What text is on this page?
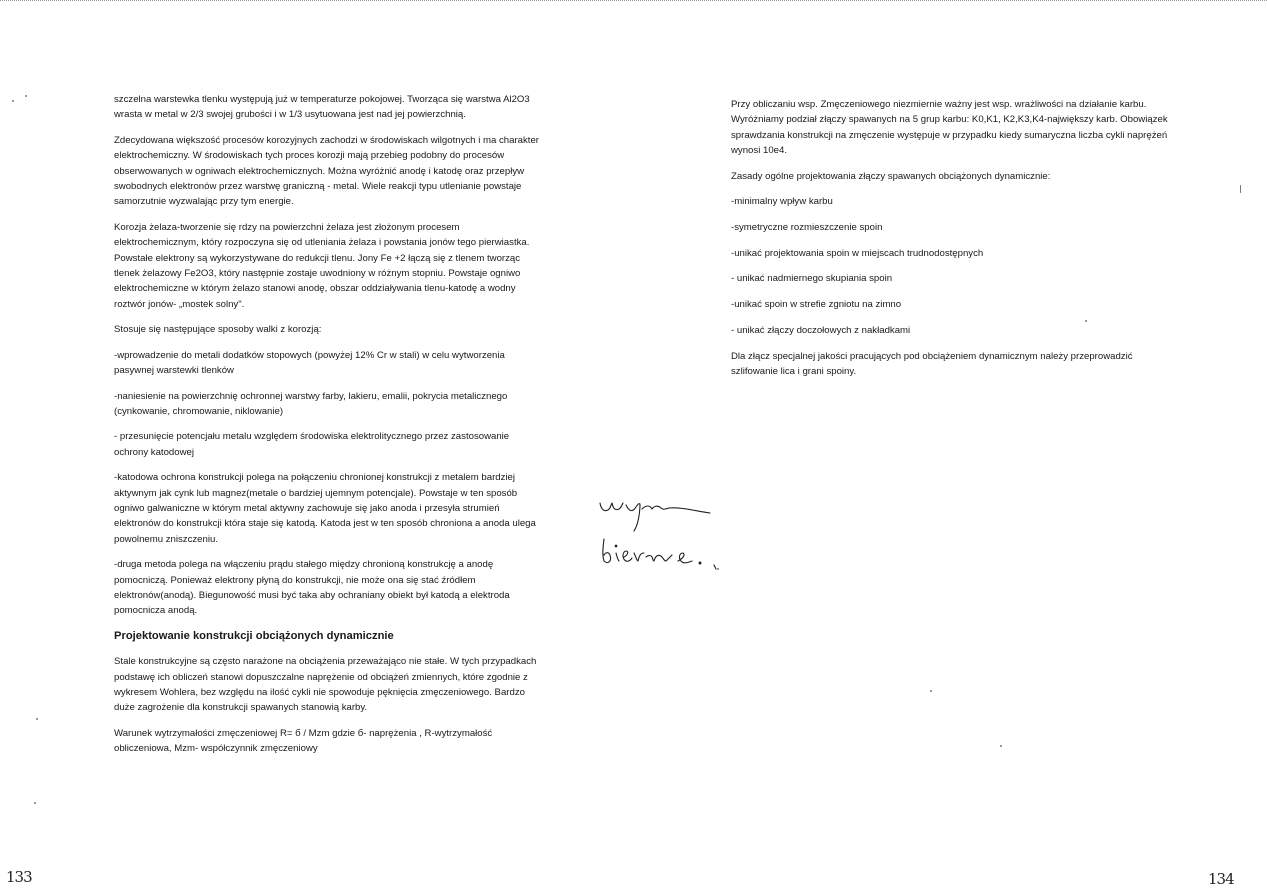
szczelna warstewka tlenku występują już w temperaturze pokojowej. Tworząca się warstwa Al2O3 wrasta w metal w 2/3 swojej grubości i w 1/3 usytuowana jest nad jej powierzchnią.

Zdecydowana większość procesów korozyjnych zachodzi w środowiskach wilgotnych i ma charakter elektrochemiczny. W środowiskach tych proces korozji mają przebieg podobny do procesów obserwowanych w ogniwach elektrochemicznych. Można wyróżnić anodę i katodę oraz przepływ swobodnych elektronów przez warstwę graniczną - metal. Wiele reakcji typu utlenianie powstaje samorzutnie wyzwalając przy tym energie.

Korozja żelaza-tworzenie się rdzy na powierzchni żelaza jest złożonym procesem elektrochemicznym, który rozpoczyna się od utleniania żelaza i powstania jonów tego pierwiastka. Powstałe elektrony są wykorzystywane do redukcji tlenu. Jony Fe +2 łączą się z tlenem tworząc tlenek żelazowy Fe2O3, który następnie zostaje uwodniony w różnym stopniu. Powstaje ogniwo elektrochemiczne w którym żelazo stanowi anodę, obszar oddziaływania tlenu-katodę a wodny roztwór jonów- „mostek solny".

Stosuje się następujące sposoby walki z korozją:

-wprowadzenie do metali dodatków stopowych (powyżej 12% Cr w stali) w celu wytworzenia pasywnej warstewki tlenków

-naniesienie na powierzchnię ochronnej warstwy farby, lakieru, emalii, pokrycia metalicznego (cynkowanie, chromowanie, niklowanie)

- przesunięcie potencjału metalu względem środowiska elektrolitycznego przez zastosowanie ochrony katodowej

-katodowa ochrona konstrukcji polega na połączeniu chronionej konstrukcji z metalem bardziej aktywnym jak cynk lub magnez(metale o bardziej ujemnym potencjale). Powstaje w ten sposób ogniwo galwaniczne w którym metal aktywny zachowuje się jako anoda i przesyła strumień elektronów do konstrukcji która staje się katodą. Katoda jest w ten sposób chroniona a anoda ulega powolnemu zniszczeniu.

-druga metoda polega na włączeniu prądu stałego między chronioną konstrukcję a anodę pomocniczą. Ponieważ elektrony płyną do konstrukcji, nie może ona się stać źródłem elektronów(anodą). Biegunowość musi być taka aby ochraniany obiekt był katodą a elektroda pomocnicza anodą.

Projektowanie konstrukcji obciążonych dynamicznie

Stale konstrukcyjne są często narażone na obciążenia przeważająco nie stałe. W tych przypadkach podstawę ich obliczeń stanowi dopuszczalne naprężenie od obciążeń zmiennych, które zgodnie z wykresem Wohlera, bez względu na ilość cykli nie spowoduje pęknięcia zmęczeniowego. Bardzo duże zagrożenie dla konstrukcji spawanych stanowią karby.

Warunek wytrzymałości zmęczeniowej R= б / Mzm gdzie б- naprężenia , R-wytrzymałość obliczeniowa, Mzm- współczynnik zmęczeniowy

Przy obliczaniu wsp. Zmęczeniowego niezmiernie ważny jest wsp. wrażliwości na działanie karbu. Wyróżniamy podział złączy spawanych na 5 grup karbu: K0,K1, K2,K3,K4-największy karb. Obowiązek sprawdzania konstrukcji na zmęczenie występuje w przypadku kiedy sumaryczna liczba cykli naprężeń wynosi 10e4.

Zasady ogólne projektowania złączy spawanych obciążonych dynamicznie:

-minimalny wpływ karbu

-symetryczne rozmieszczenie spoin

-unikać projektowania spoin w miejscach trudnodostępnych

- unikać nadmiernego skupiania spoin

-unikać spoin w strefie zgniotu na zimno

- unikać złączy doczołowych z nakładkami

Dla złącz specjalnej jakości pracujących pod obciążeniem dynamicznym należy przeprowadzić szlifowanie lica i grani spoiny.

133	134
